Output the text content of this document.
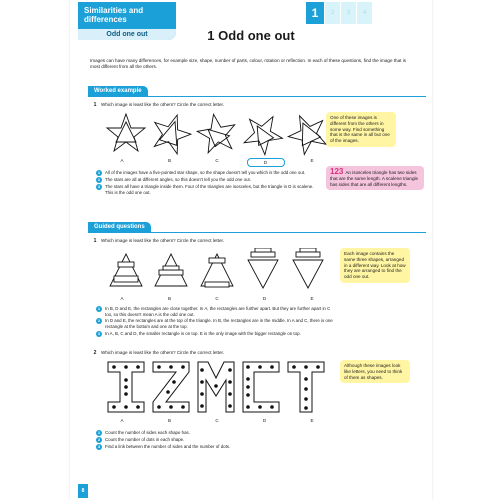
Similarities and differences
Odd one out
1	2	3	4
1 Odd one out
Images can have many differences, for example size, shape, number of parts, colour, rotation or reflection. In each of these questions, find the image that is most different from all the others.
Worked example
1 Which image is least like the others? Circle the correct letter.
A	B	C	D	E
One of these images is different from the others in some way. Find something that is the same in all but one of the images.
123 An isosceles triangle has two sides that are the same length. A scalene triangle has sides that are all different lengths.
1	All of the images have a five-pointed star shape, so the shape doesn't tell you which is the odd one out.
2	The stars are all at different angles, so this doesn't tell you the odd one out.
3	The stars all have a triangle inside them. Four of the triangles are isosceles, but the triangle in D is scalene. This is the odd one out.
Guided questions
1 Which image is least like the others? Circle the correct letter.
A	B	C	D	E
Each image contains the same three shapes, arranged in a different way. Look at how they are arranged to find the odd one out.
1	In B, D and E, the rectangles are close together. In A, the rectangles are further apart. But they are further apart in C too, so this doesn't mean A is the odd one out.
2	In D and E, the rectangles are at the top of the triangle. In B, the rectangles are in the middle. In A and C, there is one rectangle at the bottom and one at the top.
3	In A, B, C and D, the smaller rectangle is on top. E is the only image with the bigger rectangle on top.
2 Which image is least like the others? Circle the correct letter.
A	B	C	D	E
Although these images look like letters, you need to think of them as shapes.
1	Count the number of sides each shape has.
2	Count the number of dots in each shape.
3	Find a link between the number of sides and the number of dots.
8
